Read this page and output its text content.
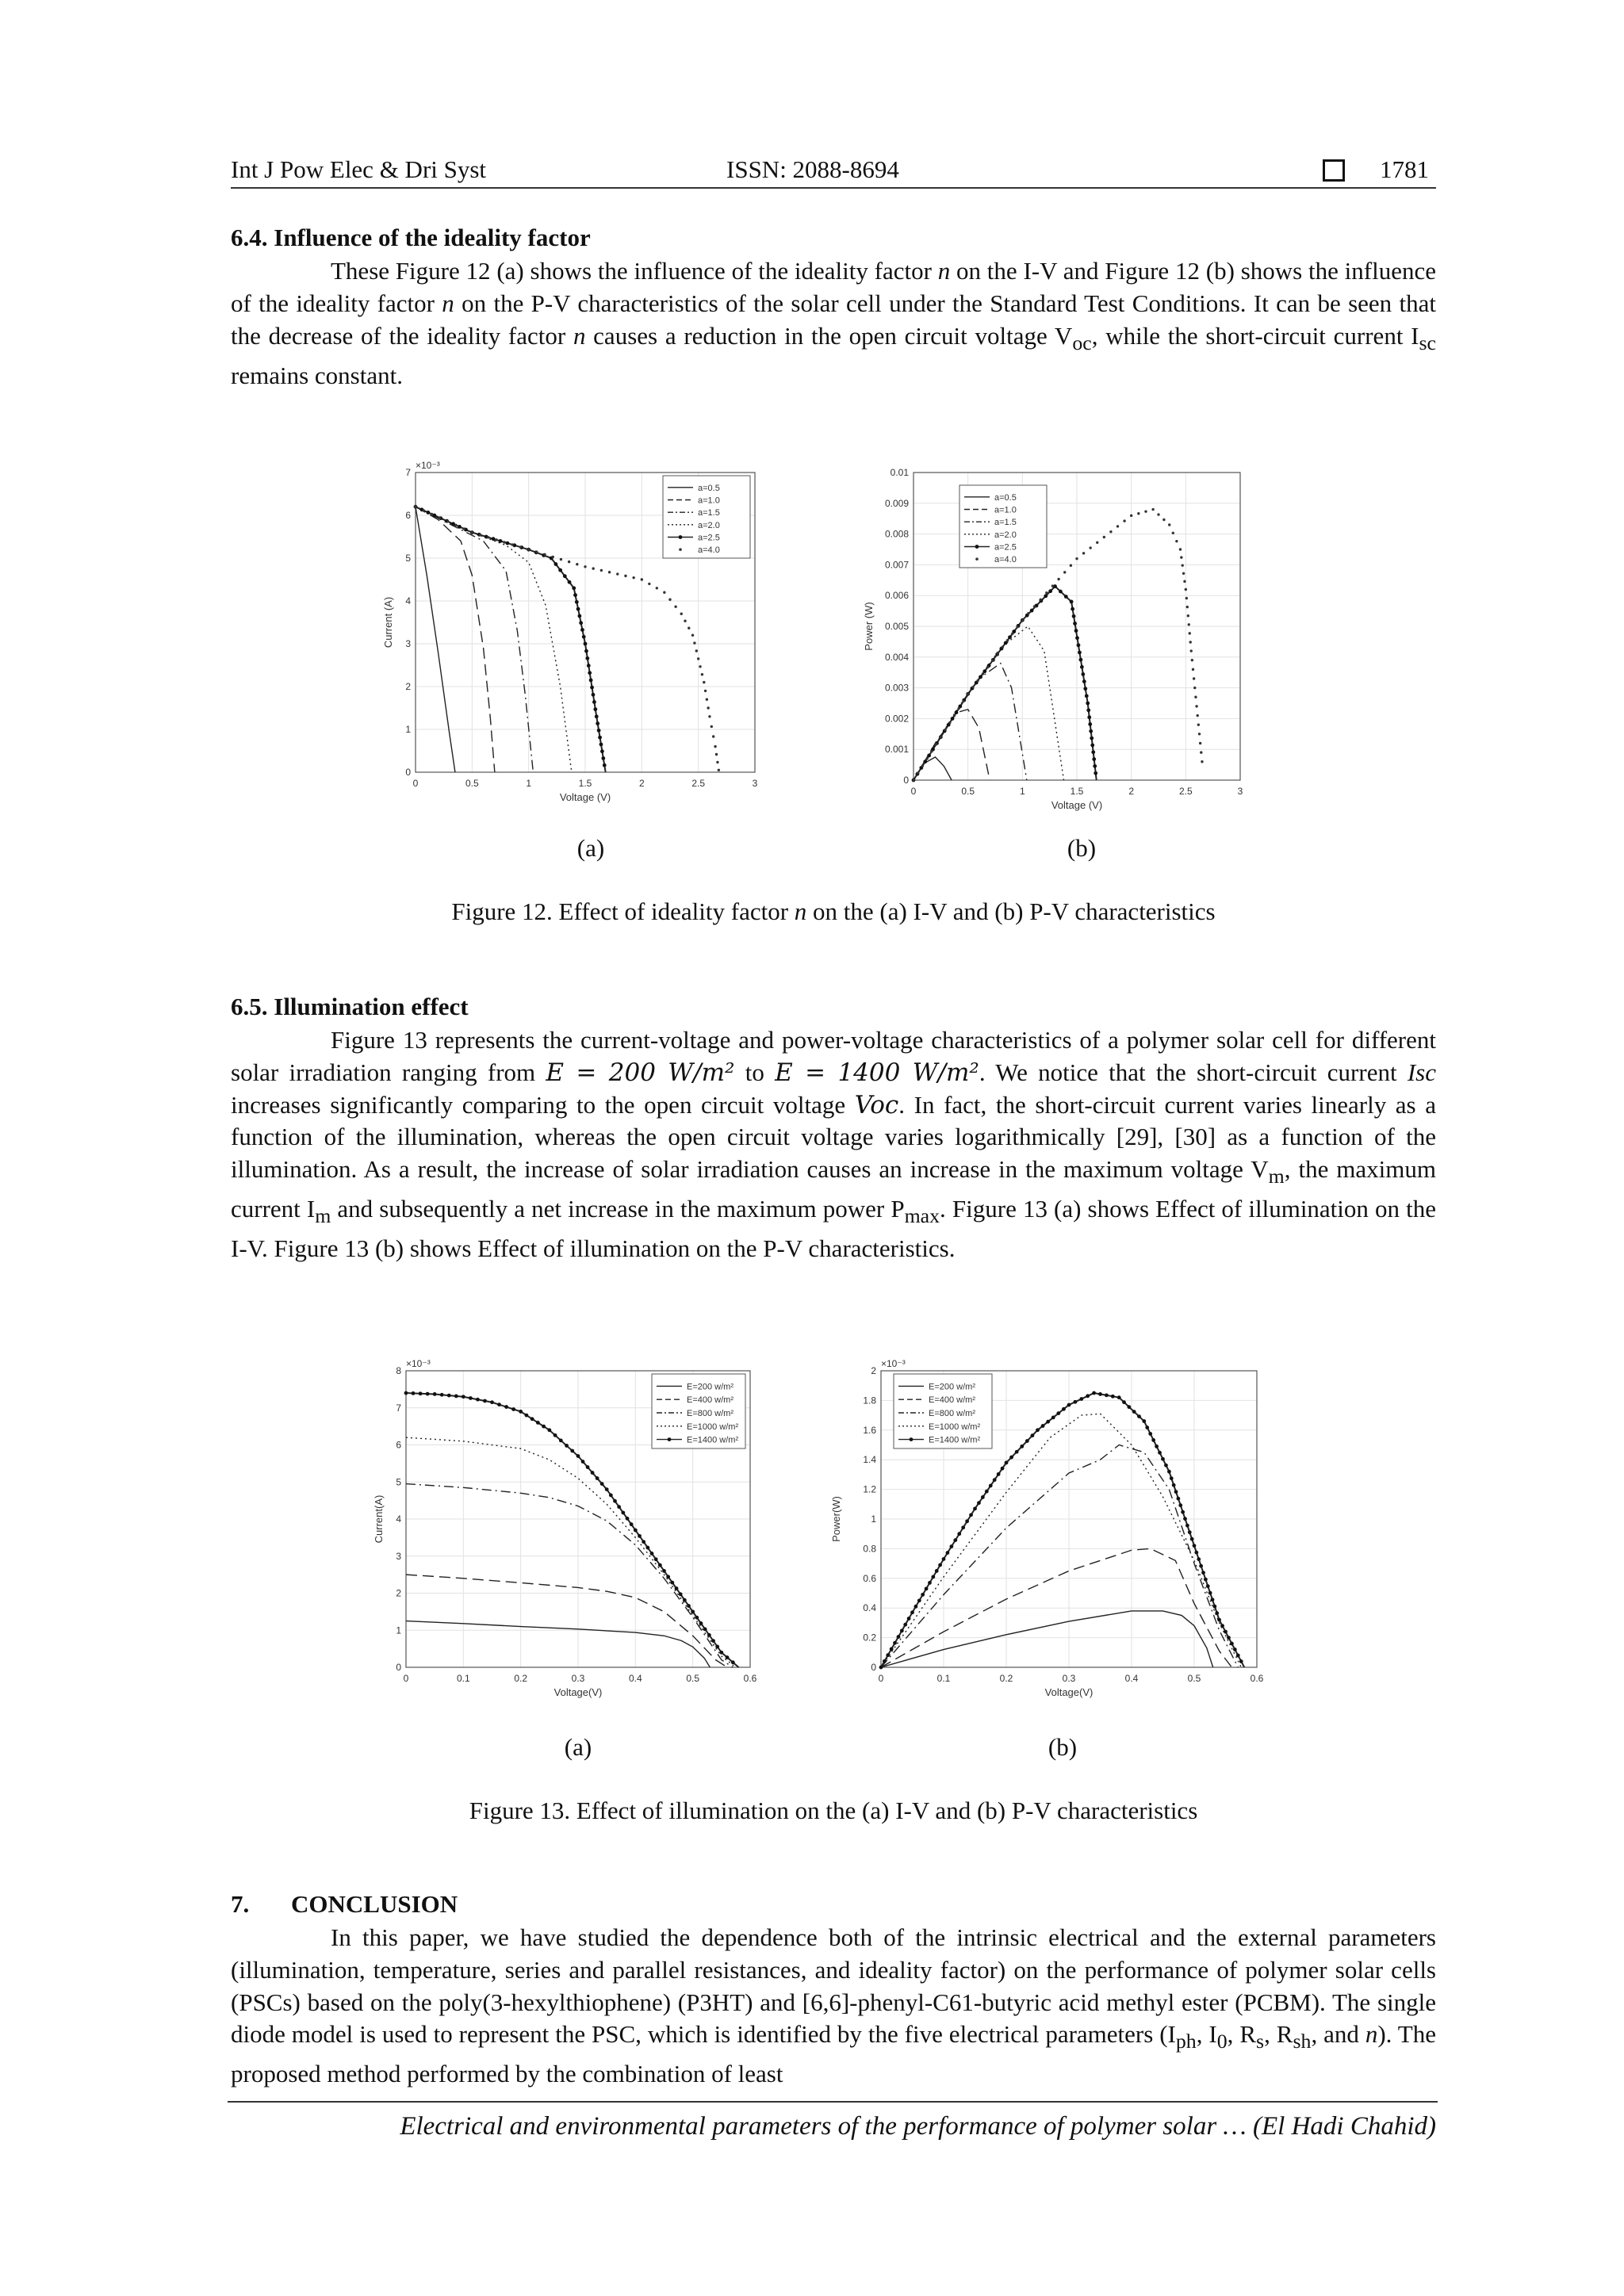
Int J Pow Elec & Dri Syst	ISSN: 2088-8694	1781
6.4. Influence of the ideality factor

These Figure 12 (a) shows the influence of the ideality factor n on the I-V and Figure 12 (b) shows the influence of the ideality factor n on the P-V characteristics of the solar cell under the Standard Test Conditions. It can be seen that the decrease of the ideality factor n causes a reduction in the open circuit voltage $V_{oc}$, while the short-circuit current $I_{sc}$ remains constant.

0	0.5	1	1.5	2	2.5	3
0
1
2
3
4
5
6
7
Voltage (V)
Current (A)
×10⁻³
a=0.5
a=1.0
a=1.5
a=2.0
a=2.5
a=4.0
0	0.5	1	1.5	2	2.5	3
0
0.001
0.002
0.003
0.004
0.005
0.006
0.007
0.008
0.009
0.01
Voltage (V)
Power (W)
a=0.5
a=1.0
a=1.5
a=2.0
a=2.5
a=4.0
(a)	(b)
Figure 12. Effect of ideality factor n on the (a) I-V and (b) P-V characteristics
6.5. Illumination effect

Figure 13 represents the current-voltage and power-voltage characteristics of a polymer solar cell for different solar irradiation ranging from E = 200 W/m² to E = 1400 W/m². We notice that the short-circuit current Isc increases significantly comparing to the open circuit voltage Voc. In fact, the short-circuit current varies linearly as a function of the illumination, whereas the open circuit voltage varies logarithmically [29], [30] as a function of the illumination. As a result, the increase of solar irradiation causes an increase in the maximum voltage $V_m$, the maximum current $I_m$ and subsequently a net increase in the maximum power $P_{max}$. Figure 13 (a) shows Effect of illumination on the I-V. Figure 13 (b) shows Effect of illumination on the P-V characteristics.

0	0.1	0.2	0.3	0.4	0.5	0.6
0
1
2
3
4
5
6
7
8
Voltage(V)
Current(A)
×10⁻³
E=200 w/m²
E=400 w/m²
E=800 w/m²
E=1000 w/m²
E=1400 w/m²
0	0.1	0.2	0.3	0.4	0.5	0.6
0
0.2
0.4
0.6
0.8
1
1.2
1.4
1.6
1.8
2
Voltage(V)
Power(W)
×10⁻³
E=200 w/m²
E=400 w/m²
E=800 w/m²
E=1000 w/m²
E=1400 w/m²
(a)	(b)
Figure 13. Effect of illumination on the (a) I-V and (b) P-V characteristics
7. CONCLUSION

In this paper, we have studied the dependence both of the intrinsic electrical and the external parameters (illumination, temperature, series and parallel resistances, and ideality factor) on the performance of polymer solar cells (PSCs) based on the poly(3-hexylthiophene) (P3HT) and [6,6]-phenyl-C61-butyric acid methyl ester (PCBM). The single diode model is used to represent the PSC, which is identified by the five electrical parameters ($I_{ph}$, $I_0$, $R_s$, $R_{sh}$, and n). The proposed method performed by the combination of least

Electrical and environmental parameters of the performance of polymer solar … (El Hadi Chahid)
